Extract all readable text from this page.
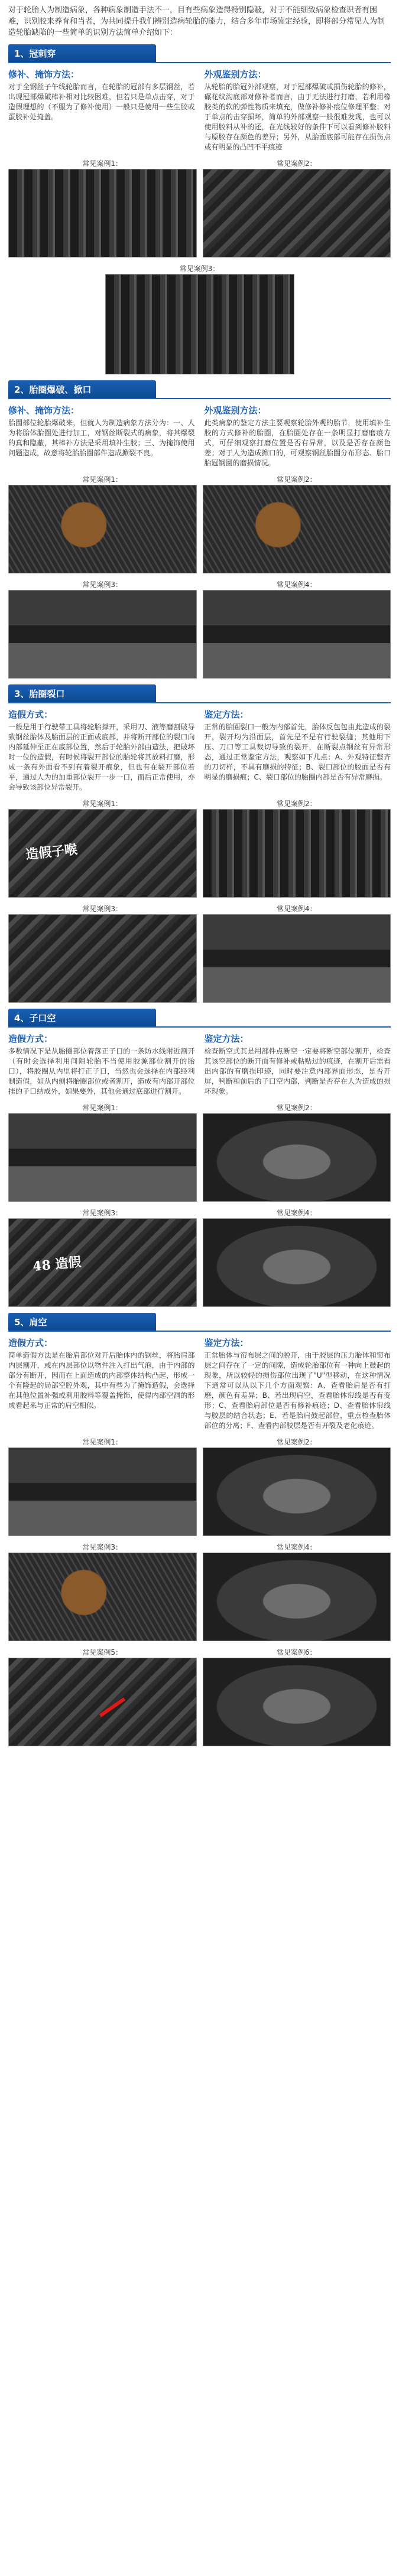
对于轮胎人为制造病象，各种病象制造手法不一，目有些病象造得特别隐蔽，对于不能细致病象检查识者有困难，识别胶来养育和当者，为共同提升我们辨别造病轮胎的能力，结合多年市场鉴定经验，即将部分常见人为制造轮胎缺陷的一些简单的识别方法简单介绍如下：

1、冠刺穿
修补、掩饰方法：

对于全钢丝子午线轮胎而言，在轮胎的冠部有多层钢丝，若出现冠部爆破棒补相对比较困难，但若只是单点击穿，对于造假理想的（不服为了修补使用）一般只是使用一些生胶或蛋胶补处掩盖。

外观鉴别方法：

从轮胎的胎冠外部观察，对于冠部爆破或损伤轮胎的修补，碾花纹沟底部对修补者而言，由于无法进行打磨，若利用橡胶类的软的弹性物质来填充，做修补修补痕位修理平整；对于单点的击穿损坏，简单的外部观察一般很难发现，也可以使用胶料从补的还，在光线较好的条件下可以看到修补胶料与原胶存在颜色的差异；另外，从胎面底部可能存在损伤点或有明显的凸凹不平痕迹

常见案例1：	常见案例2：
常见案例3：
2、胎圈爆破、掀口
修补、掩饰方法：

胎圈部位轮胎爆破来，但就人为制造病象方法分为：一、人为将胎体胎圈处进行加工，对钢丝断裂式的病象，将其爆裂的真和隐蔽，其棒补方法是采用填补生胶；三、为掩饰使用问题造成，故意将轮胎胎圈部件造成掀裂不良。

外观鉴别方法：

此类病象的鉴定方法主要观察轮胎外观的胎节，使用填补生胶的方式修补的胎圈，在胎圈处存在一条明显打磨磨痕方式，可仔细观察打磨位置是否有异常，以及是否存在颜色差；对于人为造成掀口的，可观察钢丝胎圈分布形态、胎口胎冠钢圈的磨损情况。

常见案例1：	常见案例2：
常见案例3：	常见案例4：
3、胎圈裂口
造假方式：

一般是用于行驶带工具将轮胎撑开，采用刀、液等磨割破导致钢丝胎体及胎面层的正面或底部，并将断开部位的裂口向内部延伸至正在底部位置，然后于轮胎外部由造法，把破坏时一位的造假，有时候将裂开部位的胎轮将其放料打磨，形成一条有外面看不到有着裂开痕象，但也有在裂开部位若平，通过人为的加重部位裂开一步一口，而后正常使用，亦会导致该部位异常裂开。

鉴定方法：

正常的胎圈裂口一般为内部首先，胎体反包包由此造成的裂开，裂开均为沿面层，首先是不是有行驶裂缝；其他用下压、刀口等工具裁切导致的裂开，在断裂点钢丝有异常形态，通过正常鉴定方法，观察如下几点：A、外观特征整齐的刀切样，不具有磨损的特征；B、裂口部位的胶面是否有明显的磨损痕；C、裂口部位的胎圈内部是否有异常磨损。

常见案例1：
造假子喉
常见案例2：
常见案例3：	常见案例4：
4、子口空
造假方式：

多数情况下是从胎圈部位着落正子口的一条防水线附近割开（有时会选择利用间隙轮胎不当使用胶源部位割开的胎口），将胶圈从内里将打正子口，当然也会选择在内部经利制造假，如从内侧将胎圈部位或者割开，造成有内部开部位挂的子口结成外，如果要外，其他会通过底部进行割开。

鉴定方法：

检查断空式其是用部件点断空一定要将断空部位割开，检查其该空部位的断开面有修补或粘贴过的痕迹，在割开后需看出内部的有磨损印迹，同时要注意内部界面形态，是否开屏，判断和前后的子口空内部，判断是否存在人为造成的损坏现象。

常见案例1：	常见案例2：
常见案例3：
48 造假
常见案例4：
5、肩空
造假方式：

简单造假方法是在胎肩部位对开后胎体内的钢丝，将胎肩部内层割开，或在内层部位以物件注入打出气泡，由于内部的部分有断开，因而在上面造成的内部整体结构凸起，形成一个有隆起的局部空腔外观，其中有些为了掩饰造假，会选择在其他位置补强或利用胶料等覆盖掩饰，使得内部空洞的形成看起来与正常的肩空相似。

鉴定方法：

正常胎体与帘布层之间的脱开，由于胶层的压力胎体和帘布层之间存在了一定的间隙，造成轮胎部位有一种向上鼓起的现象，所以较轻的损伤部位出现了"U"型移动，在这种情况下通常可以从以下几个方面观察：A、查看胎肩是否有打磨，颜色有差异；B、若出现肩空，查看胎体帘线是否有变形；C、查看胎肩部位是否有修补痕迹；D、查看胎体帘线与胶层的结合状态；E、若是胎肩鼓起部位，重点检查胎体部位的分离；F、查看内部胶层是否有开裂及老化痕迹。

常见案例1：	常见案例2：
常见案例3：	常见案例4：
常见案例5：	常见案例6：
